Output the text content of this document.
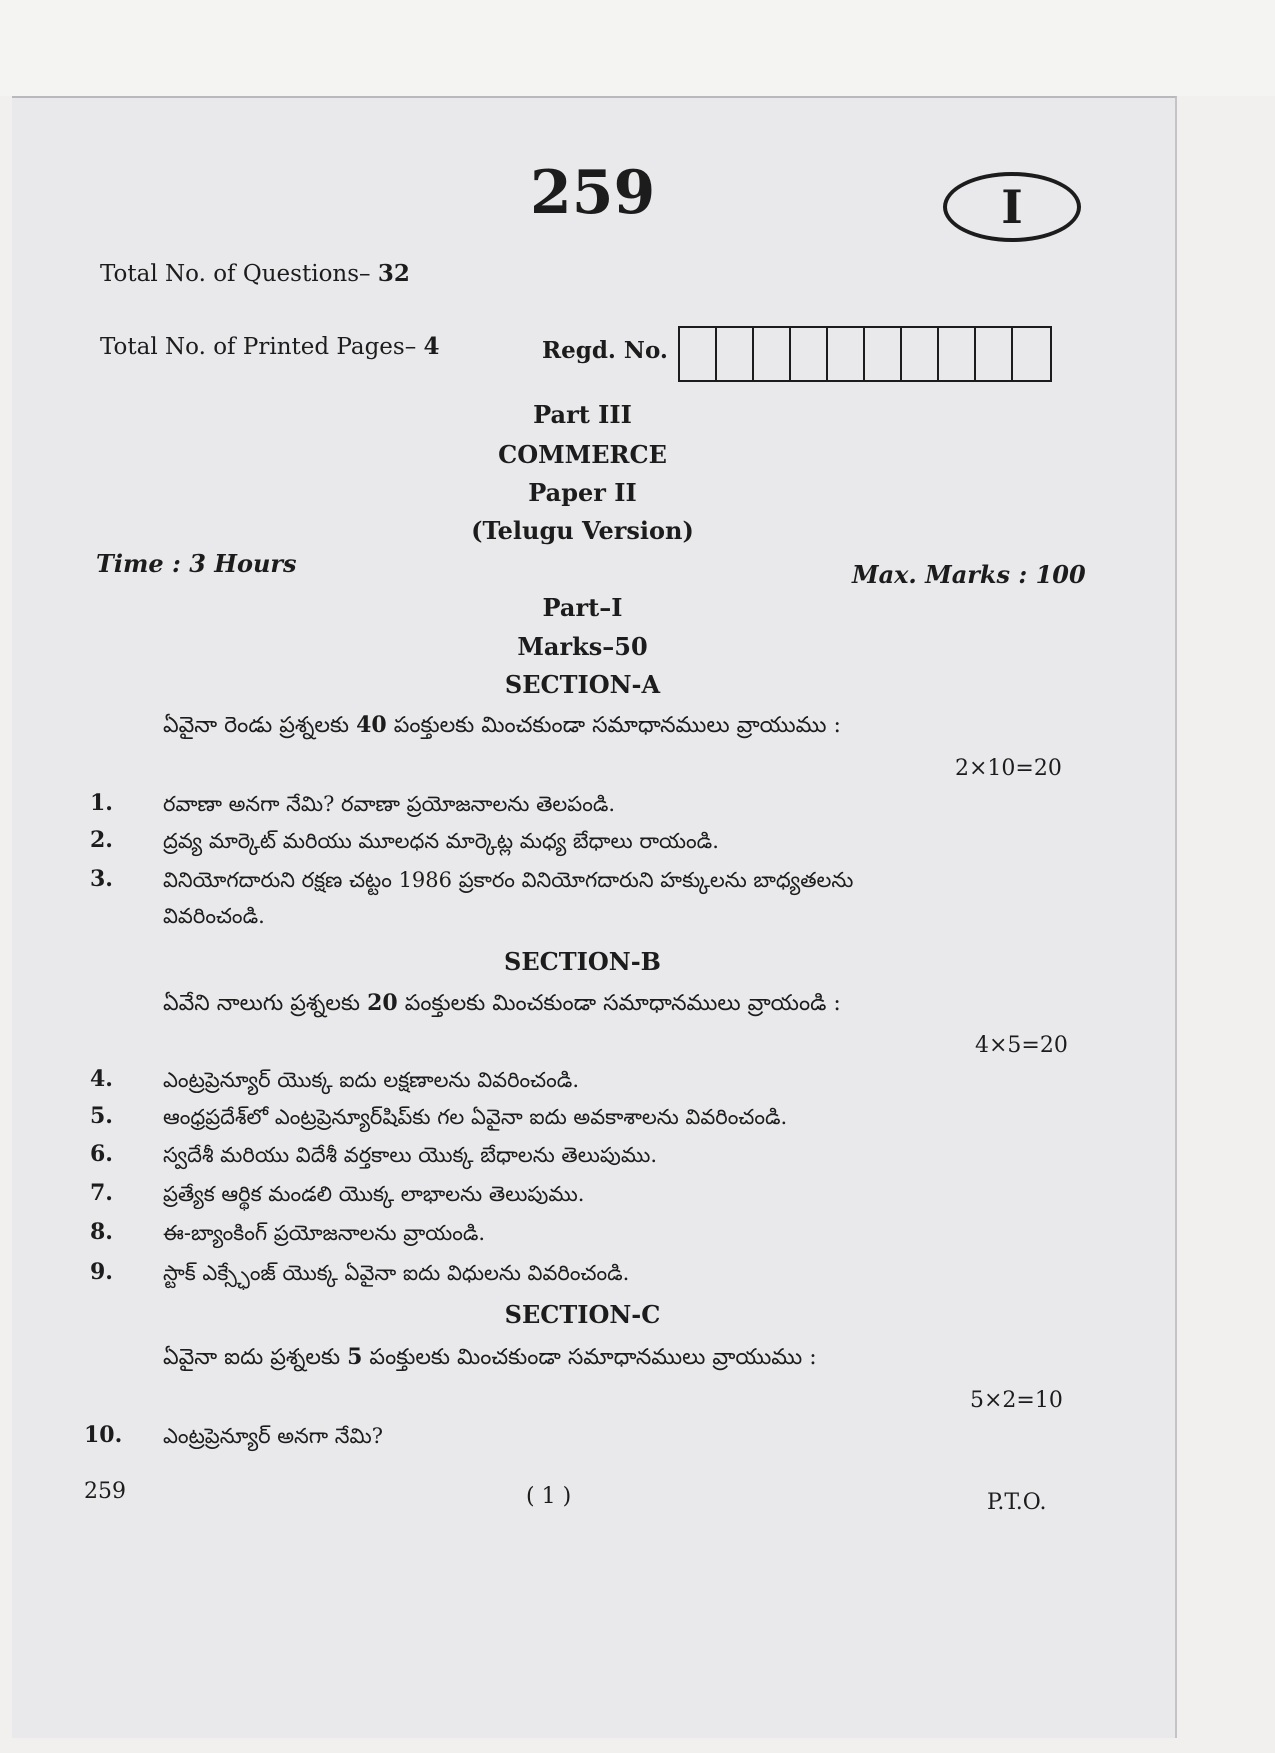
259	I
Total No. of Questions– 32
Total No. of Printed Pages– 4	Regd. No.
Part III
COMMERCE
Paper II
(Telugu Version)
Time : 3 Hours	Max. Marks : 100
Part–I
Marks–50
SECTION-A
ఏవైనా రెండు ప్రశ్నలకు 40 పంక్తులకు మించకుండా సమాధానములు వ్రాయుము :
2×10=20
1. రవాణా అనగా నేమి? రవాణా ప్రయోజనాలను తెలపండి.
2. ద్రవ్య మార్కెట్ మరియు మూలధన మార్కెట్ల మధ్య బేధాలు రాయండి.
3. వినియోగదారుని రక్షణ చట్టం 1986 ప్రకారం వినియోగదారుని హక్కులను బాధ్యతలను
వివరించండి.
SECTION-B
ఏవేని నాలుగు ప్రశ్నలకు 20 పంక్తులకు మించకుండా సమాధానములు వ్రాయండి :
4×5=20
4. ఎంట్రప్రెన్యూర్ యొక్క ఐదు లక్షణాలను వివరించండి.
5. ఆంధ్రప్రదేశ్‌లో ఎంట్రప్రెన్యూర్‌షిప్‌కు గల ఏవైనా ఐదు అవకాశాలను వివరించండి.
6. స్వదేశీ మరియు విదేశీ వర్తకాలు యొక్క బేధాలను తెలుపుము.
7. ప్రత్యేక ఆర్థిక మండలి యొక్క లాభాలను తెలుపుము.
8. ఈ-బ్యాంకింగ్ ప్రయోజనాలను వ్రాయండి.
9. స్టాక్ ఎక్స్ఛేంజ్ యొక్క ఏవైనా ఐదు విధులను వివరించండి.
SECTION-C
ఏవైనా ఐదు ప్రశ్నలకు 5 పంక్తులకు మించకుండా సమాధానములు వ్రాయుము :
5×2=10
10. ఎంట్రప్రెన్యూర్ అనగా నేమి?
259	( 1 )	P.T.O.
